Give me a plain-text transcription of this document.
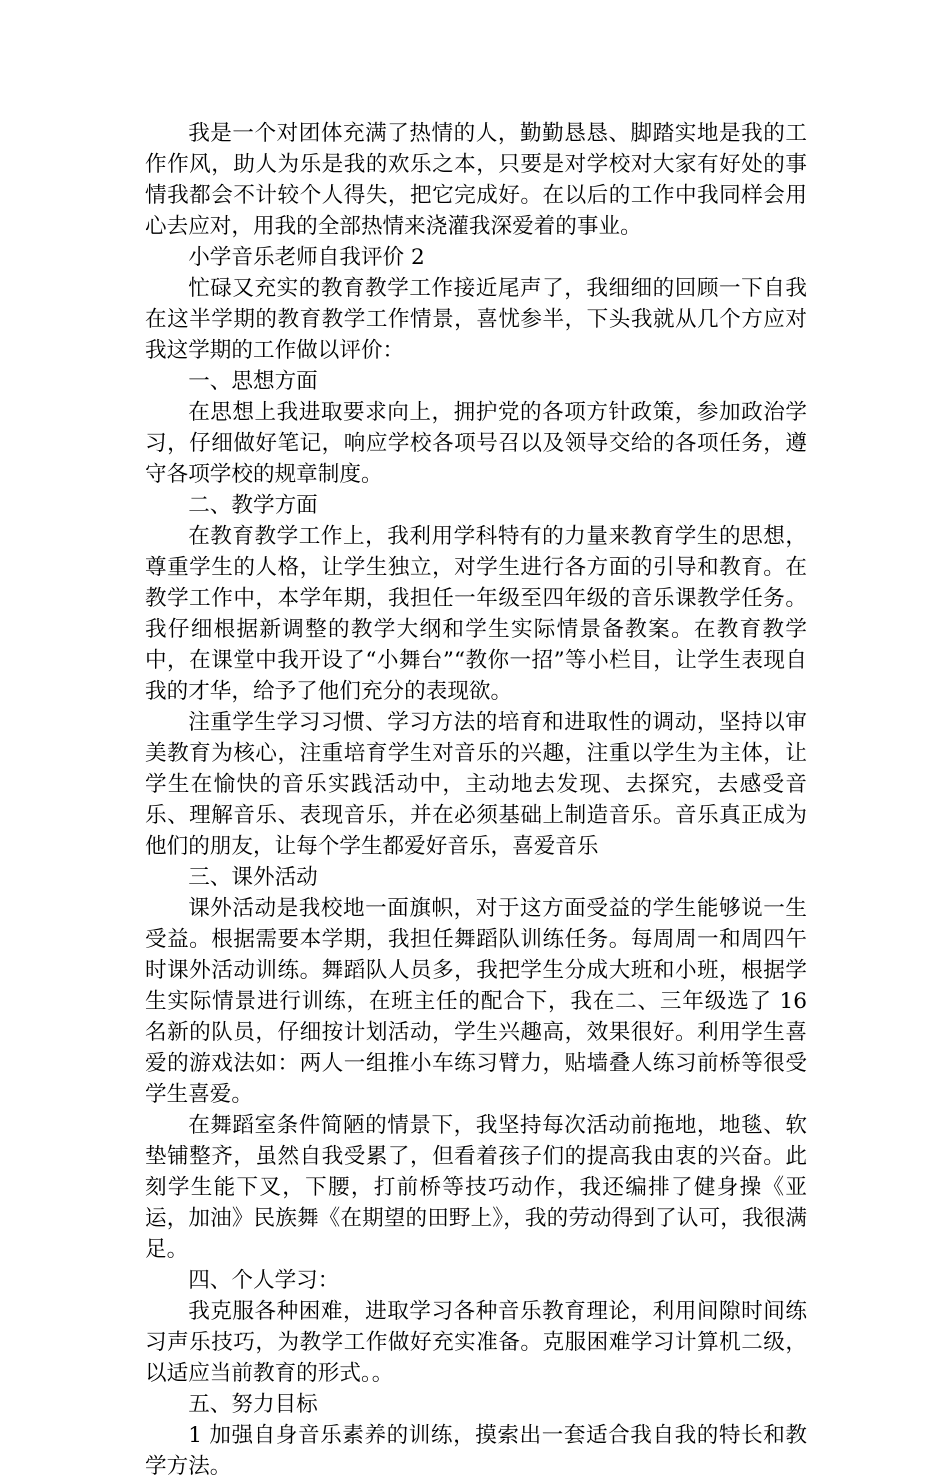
我是一个对团体充满了热情的人，勤勤恳恳、脚踏实地是我的工作作风，助人为乐是我的欢乐之本，只要是对学校对大家有好处的事情我都会不计较个人得失，把它完成好。在以后的工作中我同样会用心去应对，用我的全部热情来浇灌我深爱着的事业。

小学音乐老师自我评价 2

忙碌又充实的教育教学工作接近尾声了，我细细的回顾一下自我在这半学期的教育教学工作情景，喜忧参半，下头我就从几个方应对我这学期的工作做以评价：

一、思想方面

在思想上我进取要求向上，拥护党的各项方针政策，参加政治学习，仔细做好笔记，响应学校各项号召以及领导交给的各项任务，遵守各项学校的规章制度。

二、教学方面

在教育教学工作上，我利用学科特有的力量来教育学生的思想，尊重学生的人格，让学生独立，对学生进行各方面的引导和教育。在教学工作中，本学年期，我担任一年级至四年级的音乐课教学任务。我仔细根据新调整的教学大纲和学生实际情景备教案。在教育教学中，在课堂中我开设了“小舞台”“教你一招”等小栏目，让学生表现自我的才华，给予了他们充分的表现欲。

注重学生学习习惯、学习方法的培育和进取性的调动，坚持以审美教育为核心，注重培育学生对音乐的兴趣，注重以学生为主体，让学生在愉快的音乐实践活动中，主动地去发现、去探究，去感受音乐、理解音乐、表现音乐，并在必须基础上制造音乐。音乐真正成为他们的朋友，让每个学生都爱好音乐，喜爱音乐

三、课外活动

课外活动是我校地一面旗帜，对于这方面受益的学生能够说一生受益。根据需要本学期，我担任舞蹈队训练任务。每周周一和周四午时课外活动训练。舞蹈队人员多，我把学生分成大班和小班，根据学生实际情景进行训练，在班主任的配合下，我在二、三年级选了 16 名新的队员，仔细按计划活动，学生兴趣高，效果很好。利用学生喜爱的游戏法如：两人一组推小车练习臂力，贴墙叠人练习前桥等很受学生喜爱。

在舞蹈室条件简陋的情景下，我坚持每次活动前拖地，地毯、软垫铺整齐，虽然自我受累了，但看着孩子们的提高我由衷的兴奋。此刻学生能下叉，下腰，打前桥等技巧动作，我还编排了健身操《亚运，加油》民族舞《在期望的田野上》，我的劳动得到了认可，我很满足。

四、个人学习：

我克服各种困难，进取学习各种音乐教育理论，利用间隙时间练习声乐技巧，为教学工作做好充实准备。克服困难学习计算机二级，以适应当前教育的形式。。

五、努力目标

1 加强自身音乐素养的训练，摸索出一套适合我自我的特长和教学方法。
